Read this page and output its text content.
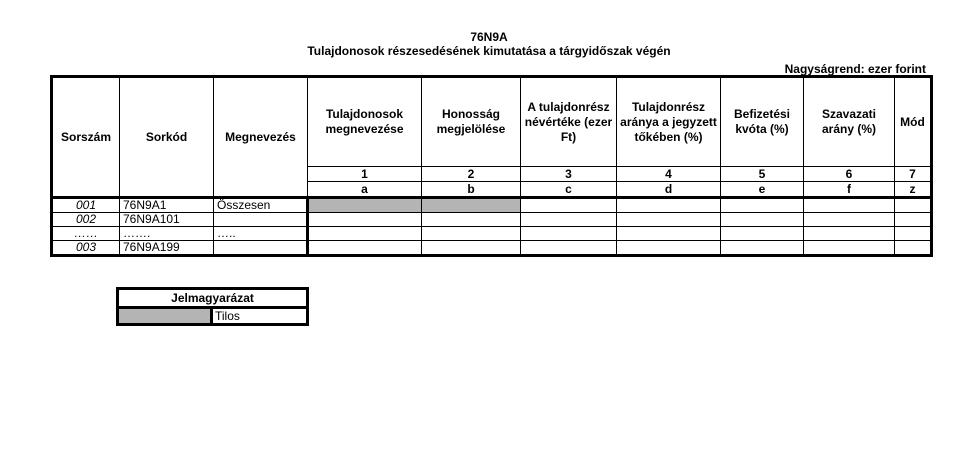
76N9A
Tulajdonosok részesedésének kimutatása a tárgyidőszak végén
Nagyságrend: ezer forint
Sorszám	Sorkód	Megnevezés	Tulajdonosok megnevezése	Honosság megjelölése	A tulajdonrész névértéke (ezer Ft)	Tulajdonrész aránya a jegyzett tőkében (%)	Befizetési kvóta (%)	Szavazati arány (%)	Mód
			1	2	3	4	5	6	7
			a	b	c	d	e	f	z
001	76N9A1	Összesen							
002	76N9A101								
……	…….	…..							
003	76N9A199								
Jelmagyarázat
	Tilos
